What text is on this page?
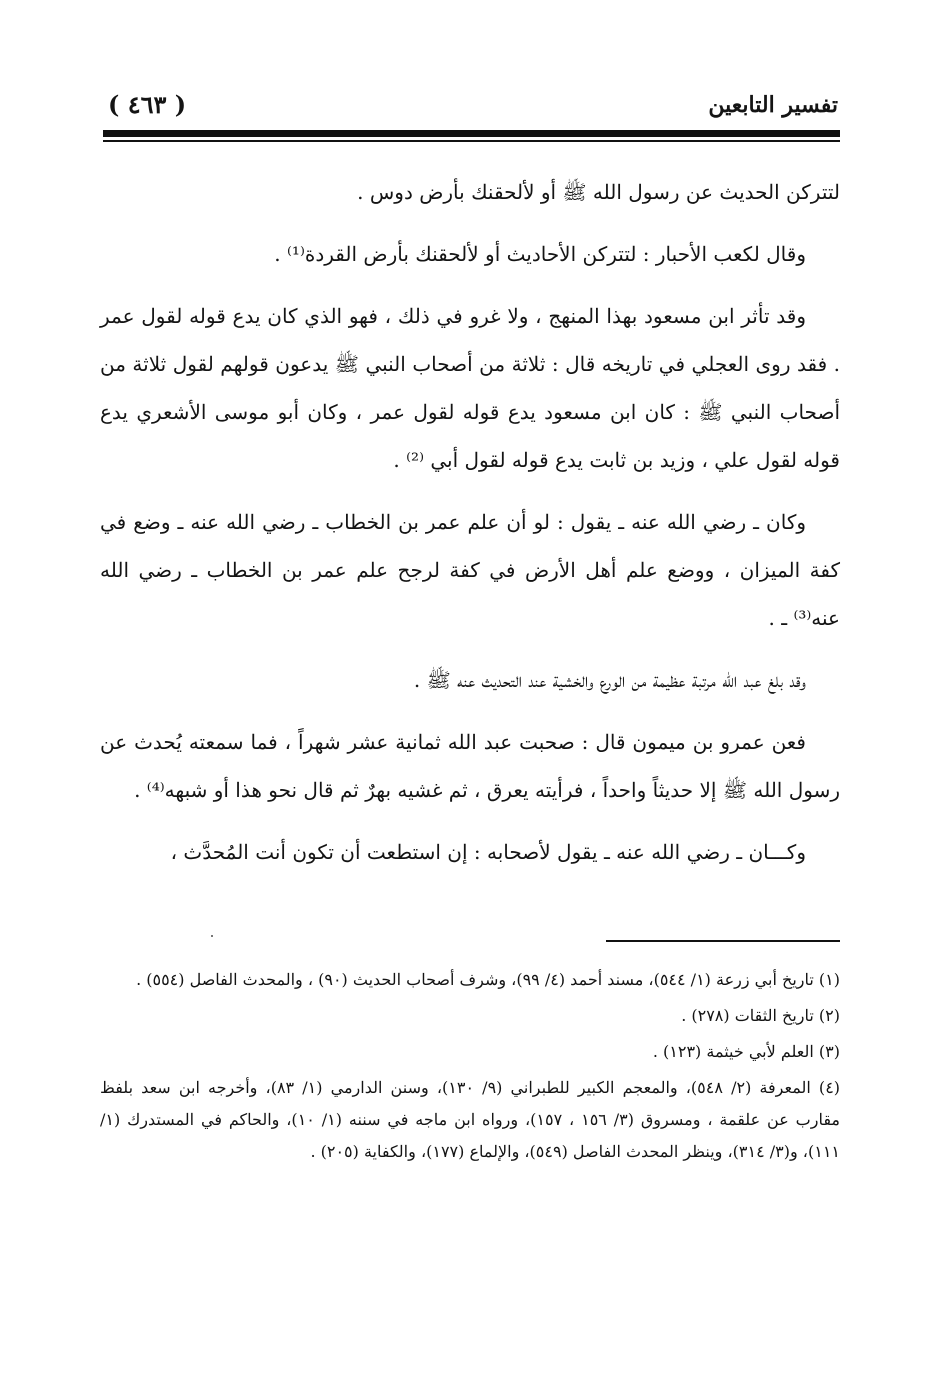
تفسير التابعين
( ٤٦٣ )

لتتركن الحديث عن رسول الله ﷺ أو لألحقنك بأرض دوس .

وقال لكعب الأحبار : لتتركن الأحاديث أو لألحقنك بأرض القردة⁽¹⁾ .

وقد تأثر ابن مسعود بهذا المنهج ، ولا غرو في ذلك ، فهو الذي كان يدع قوله لقول عمر . فقد روى العجلي في تاريخه قال : ثلاثة من أصحاب النبي ﷺ يدعون قولهم لقول ثلاثة من أصحاب النبي ﷺ : كان ابن مسعود يدع قوله لقول عمر ، وكان أبو موسى الأشعري يدع قوله لقول علي ، وزيد بن ثابت يدع قوله لقول أبي ⁽²⁾ .

وكان ـ رضي الله عنه ـ يقول : لو أن علم عمر بن الخطاب ـ رضي الله عنه ـ وضع في كفة الميزان ، ووضع علم أهل الأرض في كفة لرجح علم عمر بن الخطاب ـ رضي الله عنه⁽³⁾ ـ .

وقد بلغ عبد الله مرتبة عظيمة من الورع والخشية عند التحديث عنه ﷺ .

فعن عمرو بن ميمون قال : صحبت عبد الله ثمانية عشر شهراً ، فما سمعته يُحدث عن رسول الله ﷺ إلا حديثاً واحداً ، فرأيته يعرق ، ثم غشيه بهرٌ ثم قال نحو هذا أو شبهه⁽⁴⁾ .

وكـــان ـ رضي الله عنه ـ يقول لأصحابه : إن استطعت أن تكون أنت المُحدَّث ،

(١) تاريخ أبي زرعة (١/ ٥٤٤)، مسند أحمد (٤/ ٩٩)، وشرف أصحاب الحديث (٩٠) ، والمحدث الفاصل (٥٥٤) .

(٢) تاريخ الثقات (٢٧٨) .

(٣) العلم لأبي خيثمة (١٢٣) .

(٤) المعرفة (٢/ ٥٤٨)، والمعجم الكبير للطبراني (٩/ ١٣٠)، وسنن الدارمي (١/ ٨٣)، وأخرجه ابن سعد بلفظ مقارب عن علقمة ، ومسروق (٣/ ١٥٦ ، ١٥٧)، ورواه ابن ماجه في سننه (١/ ١٠)، والحاكم في المستدرك (١/ ١١١)، و(٣/ ٣١٤)، وينظر المحدث الفاصل (٥٤٩)، والإلماع (١٧٧)، والكفاية (٢٠٥) .
